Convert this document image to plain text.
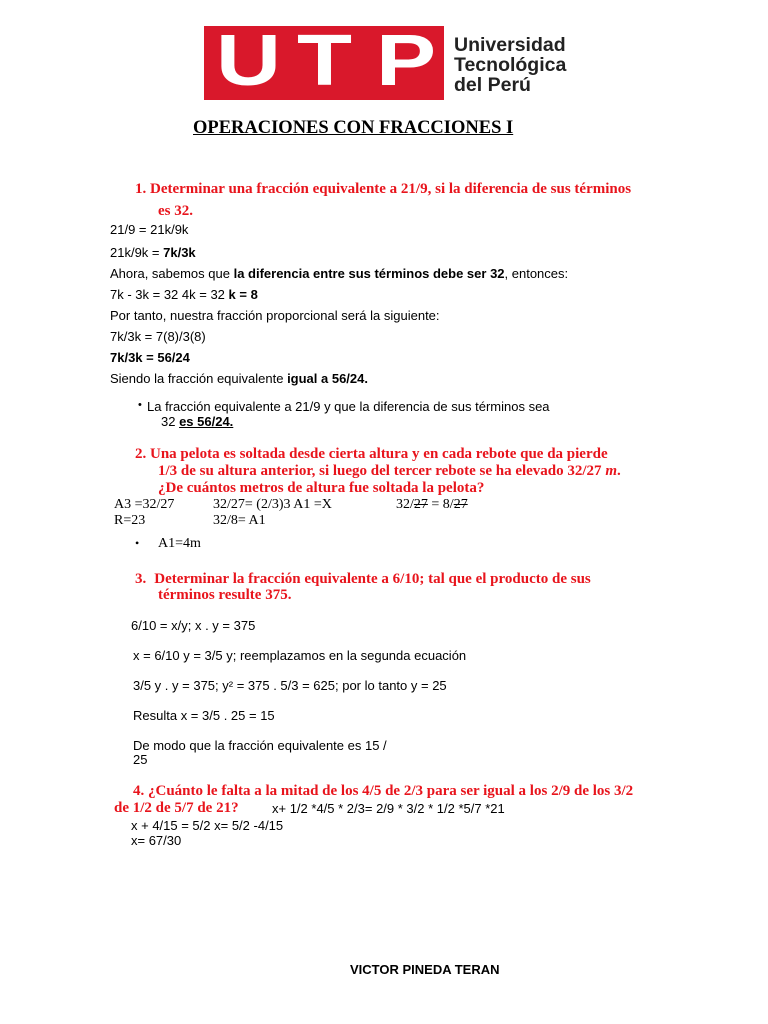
U T P Universidad
Tecnológica
del Perú
OPERACIONES CON FRACCIONES I
1. Determinar una fracción equivalente a 21/9, si la diferencia de sus términos
es 32.
21/9 = 21k/9k
21k/9k = 7k/3k
Ahora, sabemos que la diferencia entre sus términos debe ser 32, entonces:
7k - 3k = 32 4k = 32 k = 8
Por tanto, nuestra fracción proporcional será la siguiente:
7k/3k = 7(8)/3(8)
7k/3k = 56/24
Siendo la fracción equivalente igual a 56/24.
• La fracción equivalente a 21/9 y que la diferencia de sus términos sea
32 es 56/24.
2. Una pelota es soltada desde cierta altura y en cada rebote que da pierde
1/3 de su altura anterior, si luego del tercer rebote se ha elevado 32/27 m.
¿De cuántos metros de altura fue soltada la pelota?
A3 =32/27	32/27= (2/3)3 A1 =X	32/27 = 8/27
R=23	32/8= A1
• A1=4m
3. Determinar la fracción equivalente a 6/10; tal que el producto de sus
términos resulte 375.
6/10 = x/y; x . y = 375
x = 6/10 y = 3/5 y; reemplazamos en la segunda ecuación
3/5 y . y = 375; y² = 375 . 5/3 = 625; por lo tanto y = 25
Resulta x = 3/5 . 25 = 15
De modo que la fracción equivalente es 15 /
25
4. ¿Cuánto le falta a la mitad de los 4/5 de 2/3 para ser igual a los 2/9 de los 3/2
de 1/2 de 5/7 de 21?	x+ 1/2 *4/5 * 2/3= 2/9 * 3/2 * 1/2 *5/7 *21
x + 4/15 = 5/2 x= 5/2 -4/15
x= 67/30
VICTOR PINEDA TERAN
